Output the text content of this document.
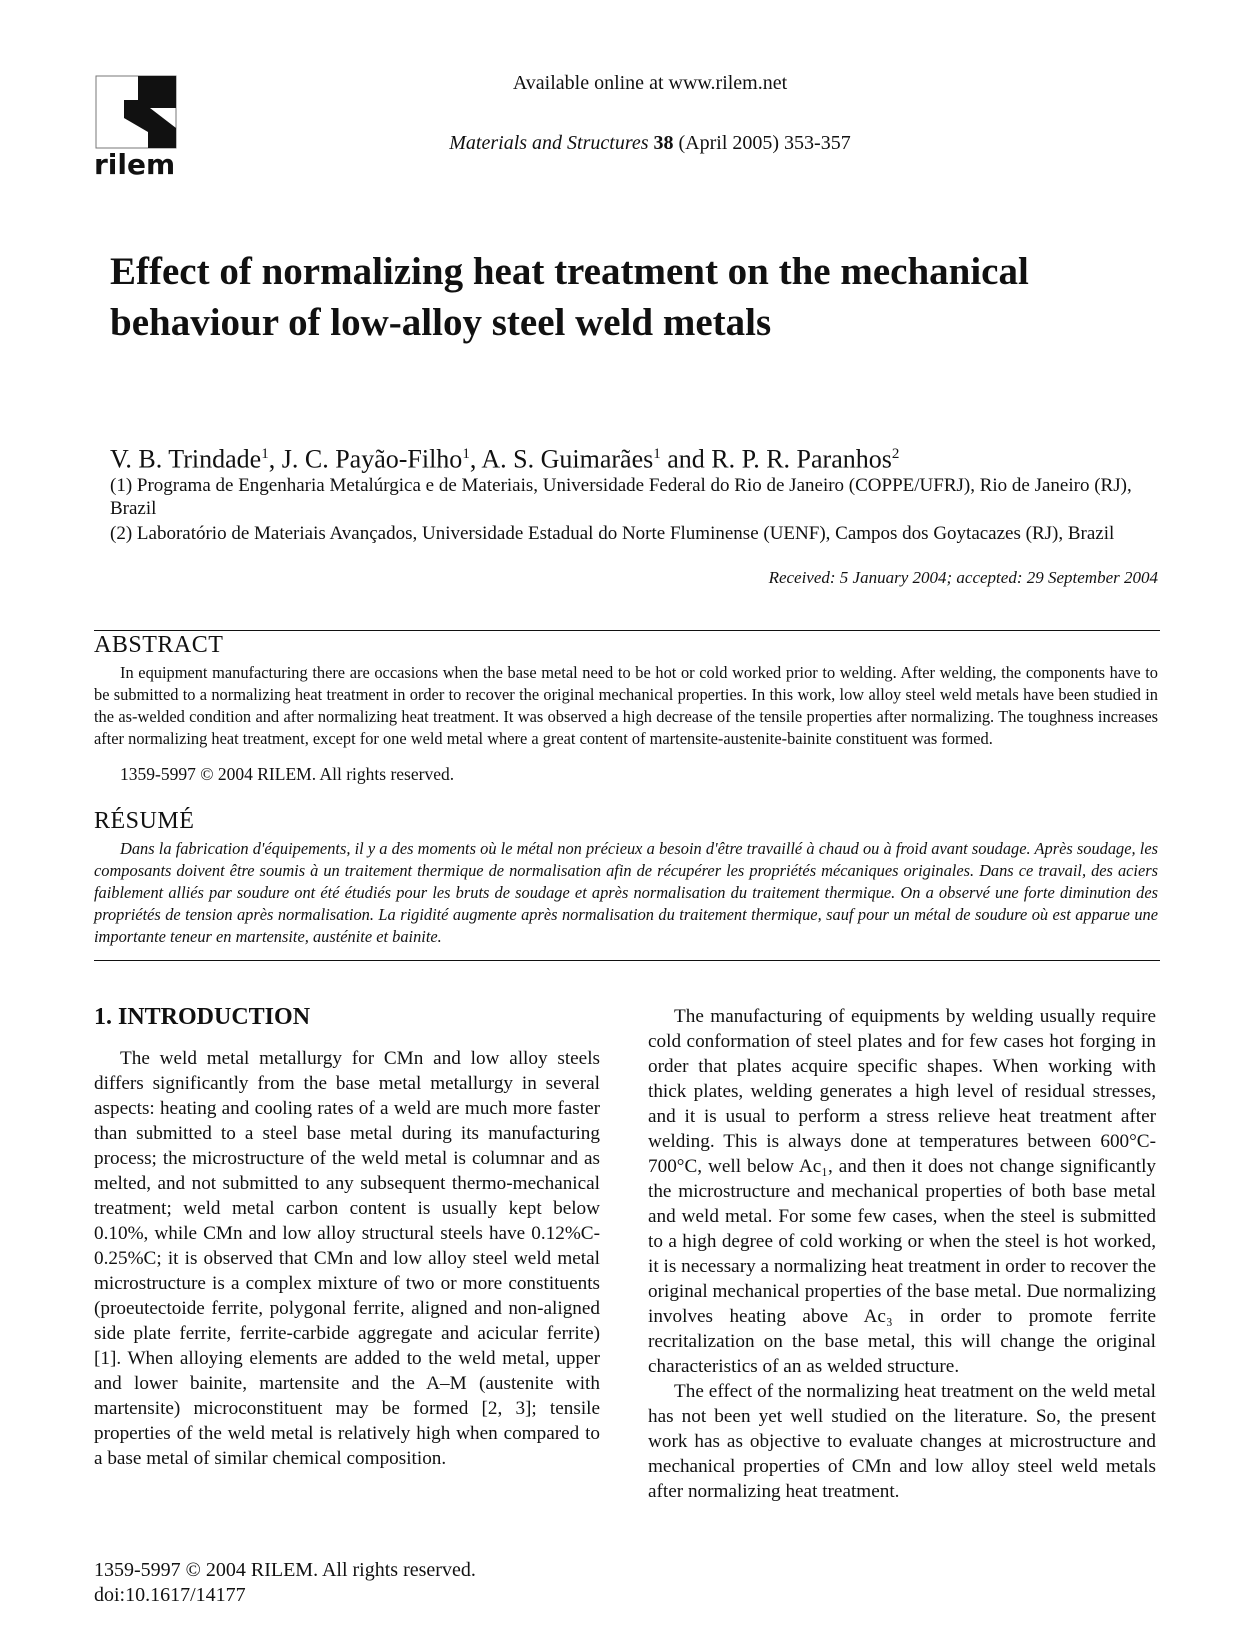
rilem
Available online at www.rilem.net
Materials and Structures 38 (April 2005) 353-357
Effect of normalizing heat treatment on the mechanical behaviour of low-alloy steel weld metals
V. B. Trindade$^1$, J. C. Payão-Filho$^1$, A. S. Guimarães$^1$ and R. P. R. Paranhos$^2$
(1) Programa de Engenharia Metalúrgica e de Materiais, Universidade Federal do Rio de Janeiro (COPPE/UFRJ), Rio de Janeiro (RJ), Brazil
(2) Laboratório de Materiais Avançados, Universidade Estadual do Norte Fluminense (UENF), Campos dos Goytacazes (RJ), Brazil
Received: 5 January 2004; accepted: 29 September 2004
ABSTRACT
In equipment manufacturing there are occasions when the base metal need to be hot or cold worked prior to welding. After welding, the components have to be submitted to a normalizing heat treatment in order to recover the original mechanical properties. In this work, low alloy steel weld metals have been studied in the as-welded condition and after normalizing heat treatment. It was observed a high decrease of the tensile properties after normalizing. The toughness increases after normalizing heat treatment, except for one weld metal where a great content of martensite-austenite-bainite constituent was formed.
1359-5997 © 2004 RILEM. All rights reserved.
RÉSUMÉ
Dans la fabrication d'équipements, il y a des moments où le métal non précieux a besoin d'être travaillé à chaud ou à froid avant soudage. Après soudage, les composants doivent être soumis à un traitement thermique de normalisation afin de récupérer les propriétés mécaniques originales. Dans ce travail, des aciers faiblement alliés par soudure ont été étudiés pour les bruts de soudage et après normalisation du traitement thermique. On a observé une forte diminution des propriétés de tension après normalisation. La rigidité augmente après normalisation du traitement thermique, sauf pour un métal de soudure où est apparue une importante teneur en martensite, austénite et bainite.
1. INTRODUCTION

The weld metal metallurgy for CMn and low alloy steels differs significantly from the base metal metallurgy in several aspects: heating and cooling rates of a weld are much more faster than submitted to a steel base metal during its manufacturing process; the microstructure of the weld metal is columnar and as melted, and not submitted to any subsequent thermo-mechanical treatment; weld metal carbon content is usually kept below 0.10%, while CMn and low alloy structural steels have 0.12%C-0.25%C; it is observed that CMn and low alloy steel weld metal microstructure is a complex mixture of two or more constituents (proeutectoide ferrite, polygonal ferrite, aligned and non-aligned side plate ferrite, ferrite-carbide aggregate and acicular ferrite) [1]. When alloying elements are added to the weld metal, upper and lower bainite, martensite and the A–M (austenite with martensite) microconstituent may be formed [2, 3]; tensile properties of the weld metal is relatively high when compared to a base metal of similar chemical composition.

The manufacturing of equipments by welding usually require cold conformation of steel plates and for few cases hot forging in order that plates acquire specific shapes. When working with thick plates, welding generates a high level of residual stresses, and it is usual to perform a stress relieve heat treatment after welding. This is always done at temperatures between 600°C-700°C, well below Ac₁, and then it does not change significantly the microstructure and mechanical properties of both base metal and weld metal. For some few cases, when the steel is submitted to a high degree of cold working or when the steel is hot worked, it is necessary a normalizing heat treatment in order to recover the original mechanical properties of the base metal. Due normalizing involves heating above Ac₃ in order to promote ferrite recritalization on the base metal, this will change the original characteristics of an as welded structure.

The effect of the normalizing heat treatment on the weld metal has not been yet well studied on the literature. So, the present work has as objective to evaluate changes at microstructure and mechanical properties of CMn and low alloy steel weld metals after normalizing heat treatment.

1359-5997 © 2004 RILEM. All rights reserved.
doi:10.1617/14177
